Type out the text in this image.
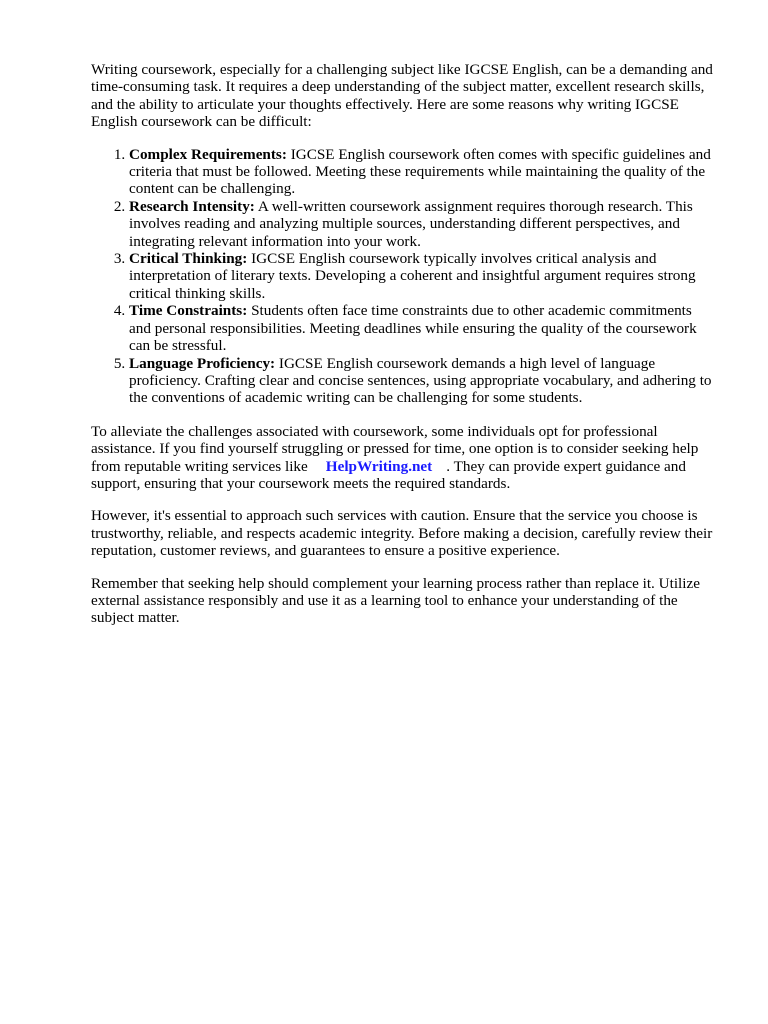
Writing coursework, especially for a challenging subject like IGCSE English, can be a demanding and time-consuming task. It requires a deep understanding of the subject matter, excellent research skills, and the ability to articulate your thoughts effectively. Here are some reasons why writing IGCSE English coursework can be difficult:

1. Complex Requirements: IGCSE English coursework often comes with specific guidelines and criteria that must be followed. Meeting these requirements while maintaining the quality of the content can be challenging.
2. Research Intensity: A well-written coursework assignment requires thorough research. This involves reading and analyzing multiple sources, understanding different perspectives, and integrating relevant information into your work.
3. Critical Thinking: IGCSE English coursework typically involves critical analysis and interpretation of literary texts. Developing a coherent and insightful argument requires strong critical thinking skills.
4. Time Constraints: Students often face time constraints due to other academic commitments and personal responsibilities. Meeting deadlines while ensuring the quality of the coursework can be stressful.
5. Language Proficiency: IGCSE English coursework demands a high level of language proficiency. Crafting clear and concise sentences, using appropriate vocabulary, and adhering to the conventions of academic writing can be challenging for some students.

To alleviate the challenges associated with coursework, some individuals opt for professional assistance. If you find yourself struggling or pressed for time, one option is to consider seeking help from reputable writing services like HelpWriting.net . They can provide expert guidance and support, ensuring that your coursework meets the required standards.

However, it's essential to approach such services with caution. Ensure that the service you choose is trustworthy, reliable, and respects academic integrity. Before making a decision, carefully review their reputation, customer reviews, and guarantees to ensure a positive experience.

Remember that seeking help should complement your learning process rather than replace it. Utilize external assistance responsibly and use it as a learning tool to enhance your understanding of the subject matter.
